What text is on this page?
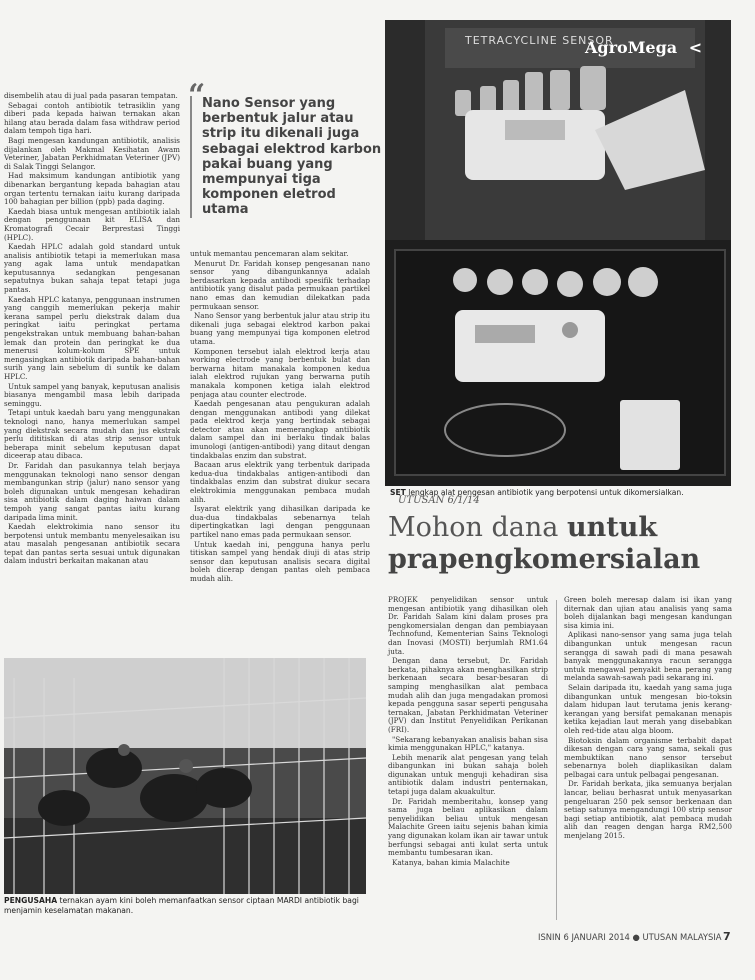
disembelih atau di jual pada pasaran tempatan.

Sebagai contoh antibiotik tetrasiklin yang diberi pada kepada haiwan ternakan akan hilang atau berada dalam fasa withdraw period dalam tempoh tiga hari.

Bagi mengesan kandungan antibiotik, analisis dijalankan oleh Makmal Kesihatan Awam Veteriner, Jabatan Perkhidmatan Veteriner (JPV) di Salak Tinggi Selangor.

Had maksimum kandungan antibiotik yang dibenarkan bergantung kepada bahagian atau organ tertentu ternakan iaitu kurang daripada 100 bahagian per billion (ppb) pada daging.

Kaedah biasa untuk mengesan antibiotik ialah dengan penggunaan kit ELISA dan Kromatografi Cecair Berprestasi Tinggi (HPLC).

Kaedah HPLC adalah gold standard untuk analisis antibiotik tetapi ia memerlukan masa yang agak lama untuk mendapatkan keputusannya sedangkan pengesanan sepatutnya bukan sahaja tepat tetapi juga pantas.

Kaedah HPLC katanya, penggunaan instrumen yang canggih memerlukan pekerja mahir kerana sampel perlu diekstrak dalam dua peringkat iaitu peringkat pertama pengekstrakan untuk membuang bahan-bahan lemak dan protein dan peringkat ke dua menerusi kolum-kolum SPE untuk mengasingkan antibiotik daripada bahan-bahan surih yang lain sebelum di suntik ke dalam HPLC.

Untuk sampel yang banyak, keputusan analisis biasanya mengambil masa lebih daripada seminggu.

Tetapi untuk kaedah baru yang menggunakan teknologi nano, hanya memerlukan sampel yang diekstrak secara mudah dan jus ekstrak perlu dititiskan di atas strip sensor untuk beberapa minit sebelum keputusan dapat diceerap atau dibaca.

Dr. Faridah dan pasukannya telah berjaya menggunakan teknologi nano sensor dengan membangunkan strip (jalur) nano sensor yang boleh digunakan untuk mengesan kehadiran sisa antibiotik dalam daging haiwan dalam tempoh yang sangat pantas iaitu kurang daripada lima minit.

Kaedah elektrokimia nano sensor itu berpotensi untuk membantu menyelesaikan isu atau masalah pengesanan antibiotik secara tepat dan pantas serta sesuai untuk digunakan dalam industri berkaitan makanan atau

“
Nano Sensor yang berbentuk jalur atau strip itu dikenali juga sebagai elektrod karbon pakai buang yang mempunyai tiga komponen eletrod utama

untuk memantau pencemaran alam sekitar.

Menurut Dr. Faridah konsep pengesanan nano sensor yang dibangunkannya adalah berdasarkan kepada antibodi spesifik terhadap antibiotik yang disalut pada permukaan partikel nano emas dan kemudian dilekatkan pada permukaan sensor.

Nano Sensor yang berbentuk jalur atau strip itu dikenali juga sebagai elektrod karbon pakai buang yang mempunyai tiga komponen eletrod utama.

Komponen tersebut ialah elektrod kerja atau working electrode yang berbentuk bulat dan berwarna hitam manakala komponen kedua ialah elektrod rujukan yang berwarna putih manakala komponen ketiga ialah elektrod penjaga atau counter electrode.

Kaedah pengesanan atau pengukuran adalah dengan menggunakan antibodi yang dilekat pada elektrod kerja yang bertindak sebagai detector atau akan memerangkap antibiotik dalam sampel dan ini berlaku tindak balas imunologi (antigen-antibodi) yang ditaut dengan tindakbalas enzim dan substrat.

Bacaan arus elektrik yang terbentuk daripada kedua-dua tindakbalas antigen-antibodi dan tindakbalas enzim dan substrat diukur secara elektrokimia menggunakan pembaca mudah alih.

Isyarat elektrik yang dihasilkan daripada ke dua-dua tindakbalas sebenarnya telah dipertingkatkan lagi dengan penggunaan partikel nano emas pada permukaan sensor.

Untuk kaedah ini, pengguna hanya perlu titiskan sampel yang hendak diuji di atas strip sensor dan keputusan analisis secara digital boleh dicerap dengan pantas oleh pembaca mudah alih.

TETRACYCLINE SENSOR
AgroMega <
SET lengkap alat pengesan antibiotik yang berpotensi untuk dikomersialkan.
UTUSAN 6/1/14
Mohon dana untuk
prapengkomersialan

PROJEK penyelidikan sensor untuk mengesan antibiotik yang dihasilkan oleh Dr. Faridah Salam kini dalam proses pra pengkomersialan dengan dan pembiayaan Technofund, Kementerian Sains Teknologi dan Inovasi (MOSTI) berjumlah RM1.64 juta.

Dengan dana tersebut, Dr. Faridah berkata, pihaknya akan menghasilkan strip berkenaan secara besar-besaran di samping menghasilkan alat pembaca mudah alih dan juga mengadakan promosi kepada pengguna sasar seperti pengusaha ternakan, Jabatan Perkhidmatan Veteriner (JPV) dan Institut Penyelidikan Perikanan (FRI).

"Sekarang kebanyakan analisis bahan sisa kimia menggunakan HPLC," katanya.

Lebih menarik alat pengesan yang telah dibangunkan ini bukan sahaja boleh digunakan untuk menguji kehadiran sisa antibiotik dalam industri penternakan, tetapi juga dalam akuakultur.

Dr. Faridah memberitahu, konsep yang sama juga beliau aplikasikan dalam penyelidikan beliau untuk mengesan Malachite Green iaitu sejenis bahan kimia yang digunakan kolam ikan air tawar untuk berfungsi sebagai anti kulat serta untuk membantu tumbesaran ikan.

Katanya, bahan kimia Malachite

Green boleh meresap dalam isi ikan yang diternak dan ujian atau analisis yang sama boleh dijalankan bagi mengesan kandungan sisa kimia ini.

Aplikasi nano-sensor yang sama juga telah dibangunkan untuk mengesan racun serangga di sawah padi di mana pesawah banyak menggunakannya racun serangga untuk mengawal penyakit bena perang yang melanda sawah-sawah padi sekarang ini.

Selain daripada itu, kaedah yang sama juga dibangunkan untuk mengesan bio-toksin dalam hidupan laut terutama jenis kerang-kerangan yang bersifat pemakanan menapis ketika kejadian laut merah yang disebabkan oleh red-tide atau alga bloom.

Biotoksin dalam organisme terbabit dapat dikesan dengan cara yang sama, sekali gus membuktikan nano sensor tersebut sebenarnya boleh diaplikasikan dalam pelbagai cara untuk pelbagai pengesanan.

Dr. Faridah berkata, jika semuanya berjalan lancar, beliau berhasrat untuk menyasarkan pengeluaran 250 pek sensor berkenaan dan setiap satunya mengandungi 100 strip sensor bagi setiap antibiotik, alat pembaca mudah alih dan reagen dengan harga RM2,500 menjelang 2015.

PENGUSAHA ternakan ayam kini boleh memanfaatkan sensor ciptaan MARDI antibiotik bagi menjamin keselamatan makanan.
ISNIN 6 JANUARI 2014 ● UTUSAN MALAYSIA 7
